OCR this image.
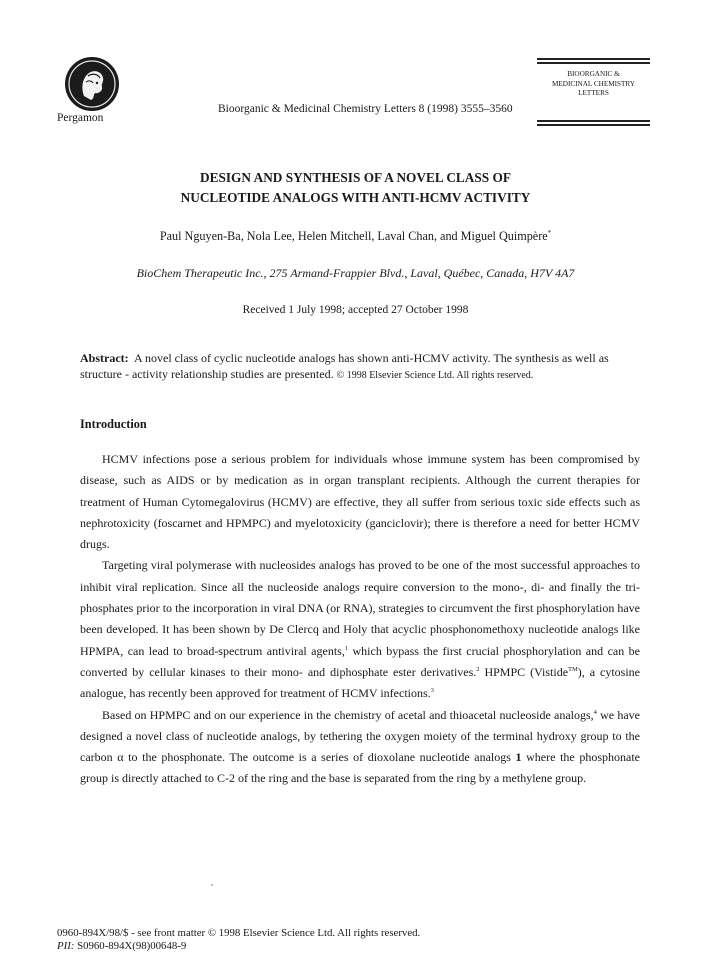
Pergamon
Bioorganic & Medicinal Chemistry Letters 8 (1998) 3555–3560
BIOORGANIC &
MEDICINAL CHEMISTRY
LETTERS
DESIGN AND SYNTHESIS OF A NOVEL CLASS OF
NUCLEOTIDE ANALOGS WITH ANTI-HCMV ACTIVITY
Paul Nguyen-Ba, Nola Lee, Helen Mitchell, Laval Chan, and Miguel Quimpère*
BioChem Therapeutic Inc., 275 Armand-Frappier Blvd., Laval, Québec, Canada, H7V 4A7
Received 1 July 1998; accepted 27 October 1998
Abstract: A novel class of cyclic nucleotide analogs has shown anti-HCMV activity. The synthesis as well as structure - activity relationship studies are presented. © 1998 Elsevier Science Ltd. All rights reserved.
Introduction

HCMV infections pose a serious problem for individuals whose immune system has been compromised by disease, such as AIDS or by medication as in organ transplant recipients. Although the current therapies for treatment of Human Cytomegalovirus (HCMV) are effective, they all suffer from serious toxic side effects such as nephrotoxicity (foscarnet and HPMPC) and myelotoxicity (ganciclovir); there is therefore a need for better HCMV drugs.

Targeting viral polymerase with nucleosides analogs has proved to be one of the most successful approaches to inhibit viral replication. Since all the nucleoside analogs require conversion to the mono-, di- and finally the tri-phosphates prior to the incorporation in viral DNA (or RNA), strategies to circumvent the first phosphorylation have been developed. It has been shown by De Clercq and Holy that acyclic phosphonomethoxy nucleotide analogs like HPMPA, can lead to broad-spectrum antiviral agents,$^1$ which bypass the first crucial phosphorylation and can be converted by cellular kinases to their mono- and diphosphate ester derivatives.$^2$ HPMPC (Vistide™), a cytosine analogue, has recently been approved for treatment of HCMV infections.$^3$

Based on HPMPC and on our experience in the chemistry of acetal and thioacetal nucleoside analogs,$^4$ we have designed a novel class of nucleotide analogs, by tethering the oxygen moiety of the terminal hydroxy group to the carbon α to the phosphonate. The outcome is a series of dioxolane nucleotide analogs 1 where the phosphonate group is directly attached to C-2 of the ring and the base is separated from the ring by a methylene group.

0960-894X/98/$ - see front matter © 1998 Elsevier Science Ltd. All rights reserved.
PII: S0960-894X(98)00648-9
